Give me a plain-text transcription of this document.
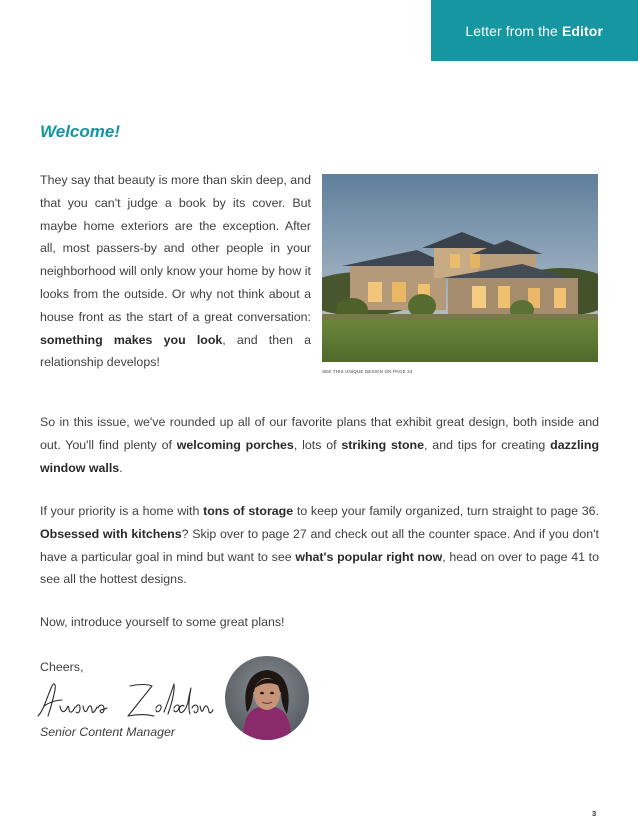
Letter from the Editor
Welcome!

They say that beauty is more than skin deep, and that you can't judge a book by its cover. But maybe home exteriors are the exception. After all, most passers-by and other people in your neighborhood will only know your home by how it looks from the outside. Or why not think about a house front as the start of a great conversation: something makes you look, and then a relationship develops!

SEE THIS UNIQUE DESIGN ON PAGE 24

So in this issue, we've rounded up all of our favorite plans that exhibit great design, both inside and out. You'll find plenty of welcoming porches, lots of striking stone, and tips for creating dazzling window walls.

If your priority is a home with tons of storage to keep your family organized, turn straight to page 36. Obsessed with kitchens? Skip over to page 27 and check out all the counter space. And if you don't have a particular goal in mind but want to see what's popular right now, head on over to page 41 to see all the hottest designs.

Now, introduce yourself to some great plans!

Cheers,

Senior Content Manager
3
